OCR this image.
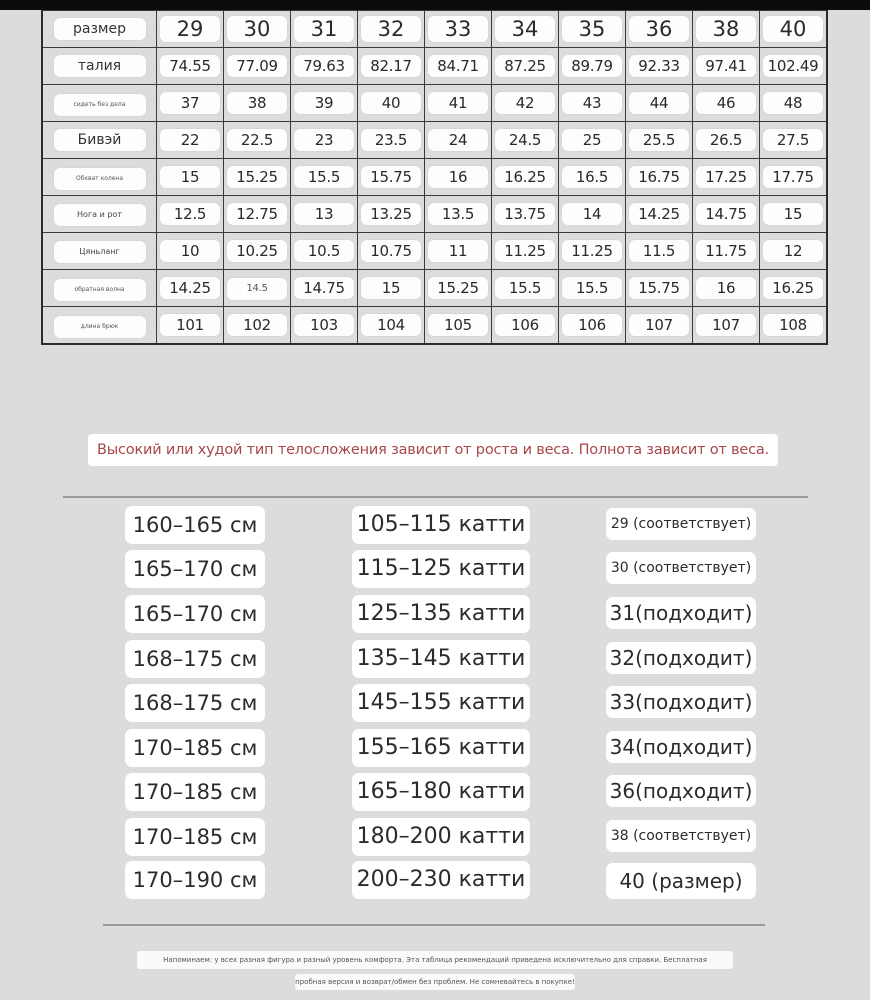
размер	29	30	31	32	33	34	35	36	38	40
талия	74.55	77.09	79.63	82.17	84.71	87.25	89.79	92.33	97.41	102.49
сидеть без дела	37	38	39	40	41	42	43	44	46	48
Бивэй	22	22.5	23	23.5	24	24.5	25	25.5	26.5	27.5
Обхват колена	15	15.25	15.5	15.75	16	16.25	16.5	16.75	17.25	17.75
Нога и рот	12.5	12.75	13	13.25	13.5	13.75	14	14.25	14.75	15
Цяньланг	10	10.25	10.5	10.75	11	11.25	11.25	11.5	11.75	12
обратная волна	14.25	14.5	14.75	15	15.25	15.5	15.5	15.75	16	16.25
длина брюк	101	102	103	104	105	106	106	107	107	108
Высокий или худой тип телосложения зависит от роста и веса. Полнота зависит от веса.
160–165 см	105–115 катти	29 (соответствует)
165–170 см	115–125 катти	30 (соответствует)
165–170 см	125–135 катти	31(подходит)
168–175 см	135–145 катти	32(подходит)
168–175 см	145–155 катти	33(подходит)
170–185 см	155–165 катти	34(подходит)
170–185 см	165–180 катти	36(подходит)
170–185 см	180–200 катти	38 (соответствует)
170–190 см	200–230 катти	40 (размер)
Напоминаем: у всех разная фигура и разный уровень комфорта. Эта таблица рекомендаций приведена исключительно для справки. Бесплатная
пробная версия и возврат/обмен без проблем. Не сомневайтесь в покупке!
